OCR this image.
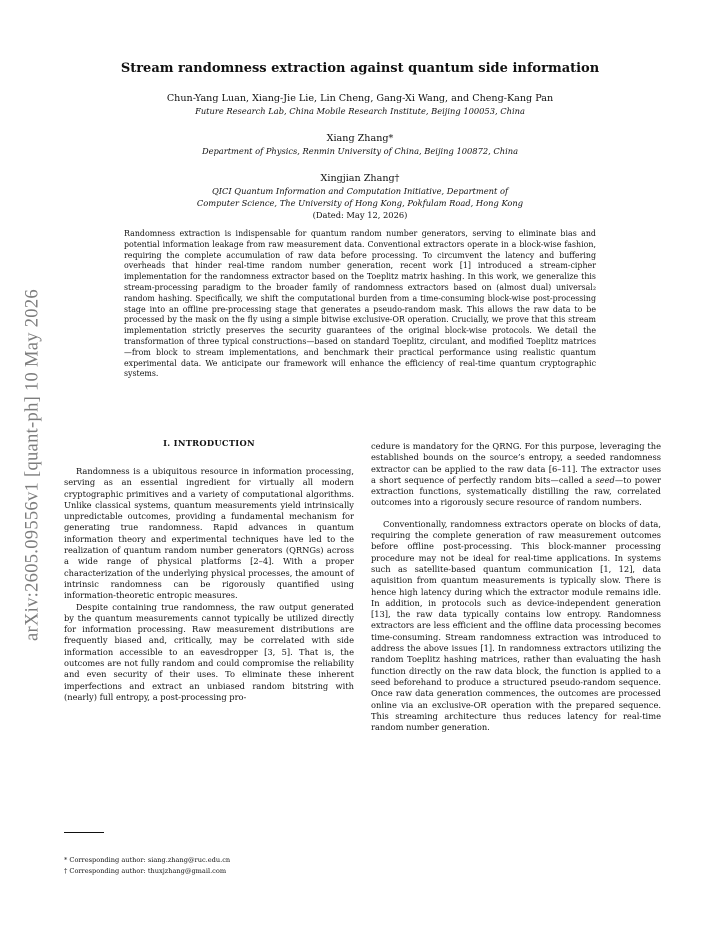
arXiv:2605.09556v1 [quant-ph] 10 May 2026
Stream randomness extraction against quantum side information
Chun-Yang Luan, Xiang-Jie Lie, Lin Cheng, Gang-Xi Wang, and Cheng-Kang Pan
Future Research Lab, China Mobile Research Institute, Beijing 100053, China
Xiang Zhang*
Department of Physics, Renmin University of China, Beijing 100872, China
Xingjian Zhang†
QICI Quantum Information and Computation Initiative, Department of
Computer Science, The University of Hong Kong, Pokfulam Road, Hong Kong
(Dated: May 12, 2026)
Randomness extraction is indispensable for quantum random number generators, serving to eliminate bias and potential information leakage from raw measurement data. Conventional extractors operate in a block-wise fashion, requiring the complete accumulation of raw data before processing. To circumvent the latency and buffering overheads that hinder real-time random number generation, recent work [1] introduced a stream-cipher implementation for the randomness extractor based on the Toeplitz matrix hashing. In this work, we generalize this stream-processing paradigm to the broader family of randomness extractors based on (almost dual) universal₂ random hashing. Specifically, we shift the computational burden from a time-consuming block-wise post-processing stage into an offline pre-processing stage that generates a pseudo-random mask. This allows the raw data to be processed by the mask on the fly using a simple bitwise exclusive-OR operation. Crucially, we prove that this stream implementation strictly preserves the security guarantees of the original block-wise protocols. We detail the transformation of three typical constructions—based on standard Toeplitz, circulant, and modified Toeplitz matrices—from block to stream implementations, and benchmark their practical performance using realistic quantum experimental data. We anticipate our framework will enhance the efficiency of real-time quantum cryptographic systems.
I. INTRODUCTION

Randomness is a ubiquitous resource in information processing, serving as an essential ingredient for virtually all modern cryptographic primitives and a variety of computational algorithms. Unlike classical systems, quantum measurements yield intrinsically unpredictable outcomes, providing a fundamental mechanism for generating true randomness. Rapid advances in quantum information theory and experimental techniques have led to the realization of quantum random number generators (QRNGs) across a wide range of physical platforms [2–4]. With a proper characterization of the underlying physical processes, the amount of intrinsic randomness can be rigorously quantified using information-theoretic entropic measures.

Despite containing true randomness, the raw output generated by the quantum measurements cannot typically be utilized directly for information processing. Raw measurement distributions are frequently biased and, critically, may be correlated with side information accessible to an eavesdropper [3, 5]. That is, the outcomes are not fully random and could compromise the reliability and even security of their uses. To eliminate these inherent imperfections and extract an unbiased random bitstring with (nearly) full entropy, a post-processing pro-

cedure is mandatory for the QRNG. For this purpose, leveraging the established bounds on the source’s entropy, a seeded randomness extractor can be applied to the raw data [6–11]. The extractor uses a short sequence of perfectly random bits—called a seed—to power extraction functions, systematically distilling the raw, correlated outcomes into a rigorously secure resource of random numbers.

Conventionally, randomness extractors operate on blocks of data, requiring the complete generation of raw measurement outcomes before offline post-processing. This block-manner processing procedure may not be ideal for real-time applications. In systems such as satellite-based quantum communication [1, 12], data aquisition from quantum measurements is typically slow. There is hence high latency during which the extractor module remains idle. In addition, in protocols such as device-independent generation [13], the raw data typically contains low entropy. Randomness extractors are less efficient and the offline data processing becomes time-consuming. Stream randomness extraction was introduced to address the above issues [1]. In randomness extractors utilizing the random Toeplitz hashing matrices, rather than evaluating the hash function directly on the raw data block, the function is applied to a seed beforehand to produce a structured pseudo-random sequence. Once raw data generation commences, the outcomes are processed online via an exclusive-OR operation with the prepared sequence. This streaming architecture thus reduces latency for real-time random number generation.

* Corresponding author: siang.zhang@ruc.edu.cn
† Corresponding author: thuxjzhang@gmail.com
